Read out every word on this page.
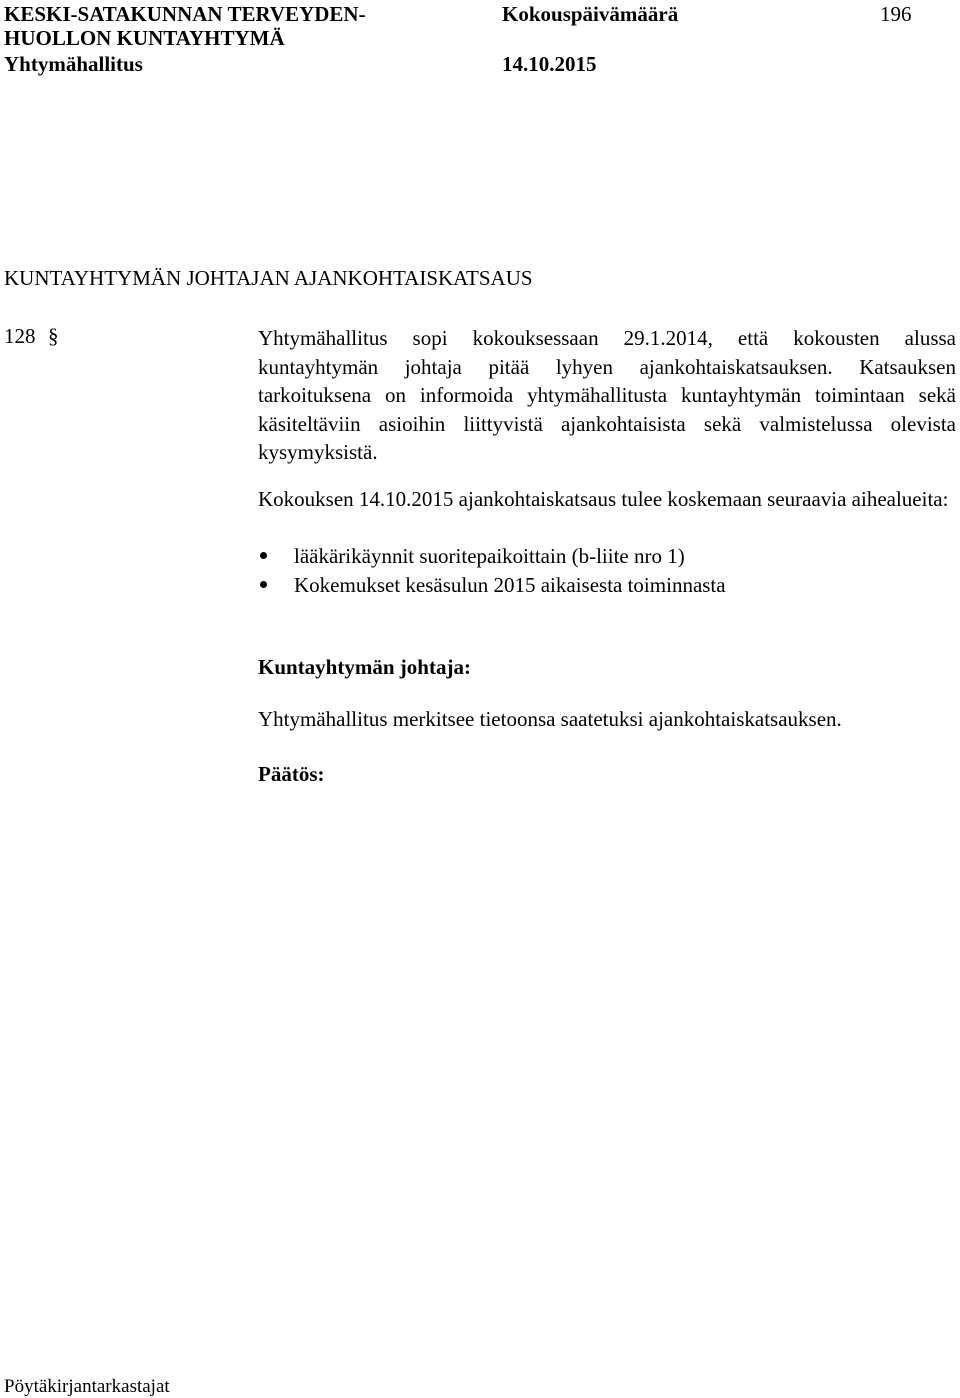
KESKI-SATAKUNNAN TERVEYDEN-
HUOLLON KUNTAYHTYMÄ
Yhtymähallitus
Kokouspäivämäärä
14.10.2015
196
KUNTAYHTYMÄN JOHTAJAN AJANKOHTAISKATSAUS
128 §	Yhtymähallitus sopi kokouksessaan 29.1.2014, että kokousten alussa kuntayhtymän johtaja pitää lyhyen ajankohtaiskatsauksen. Katsauksen tarkoituksena on informoida yhtymähallitusta kuntayhtymän toimintaan sekä käsiteltäviin asioihin liittyvistä ajankohtaisista sekä valmistelussa olevista kysymyksistä.

Kokouksen 14.10.2015 ajankohtaiskatsaus tulee koskemaan seuraavia aihealueita:

lääkärikäynnit suoritepaikoittain (b-liite nro 1)
Kokemukset kesäsulun 2015 aikaisesta toiminnasta
Kuntayhtymän johtaja:
Yhtymähallitus merkitsee tietoonsa saatetuksi ajankohtaiskatsauksen.
Päätös:
Pöytäkirjantarkastajat
